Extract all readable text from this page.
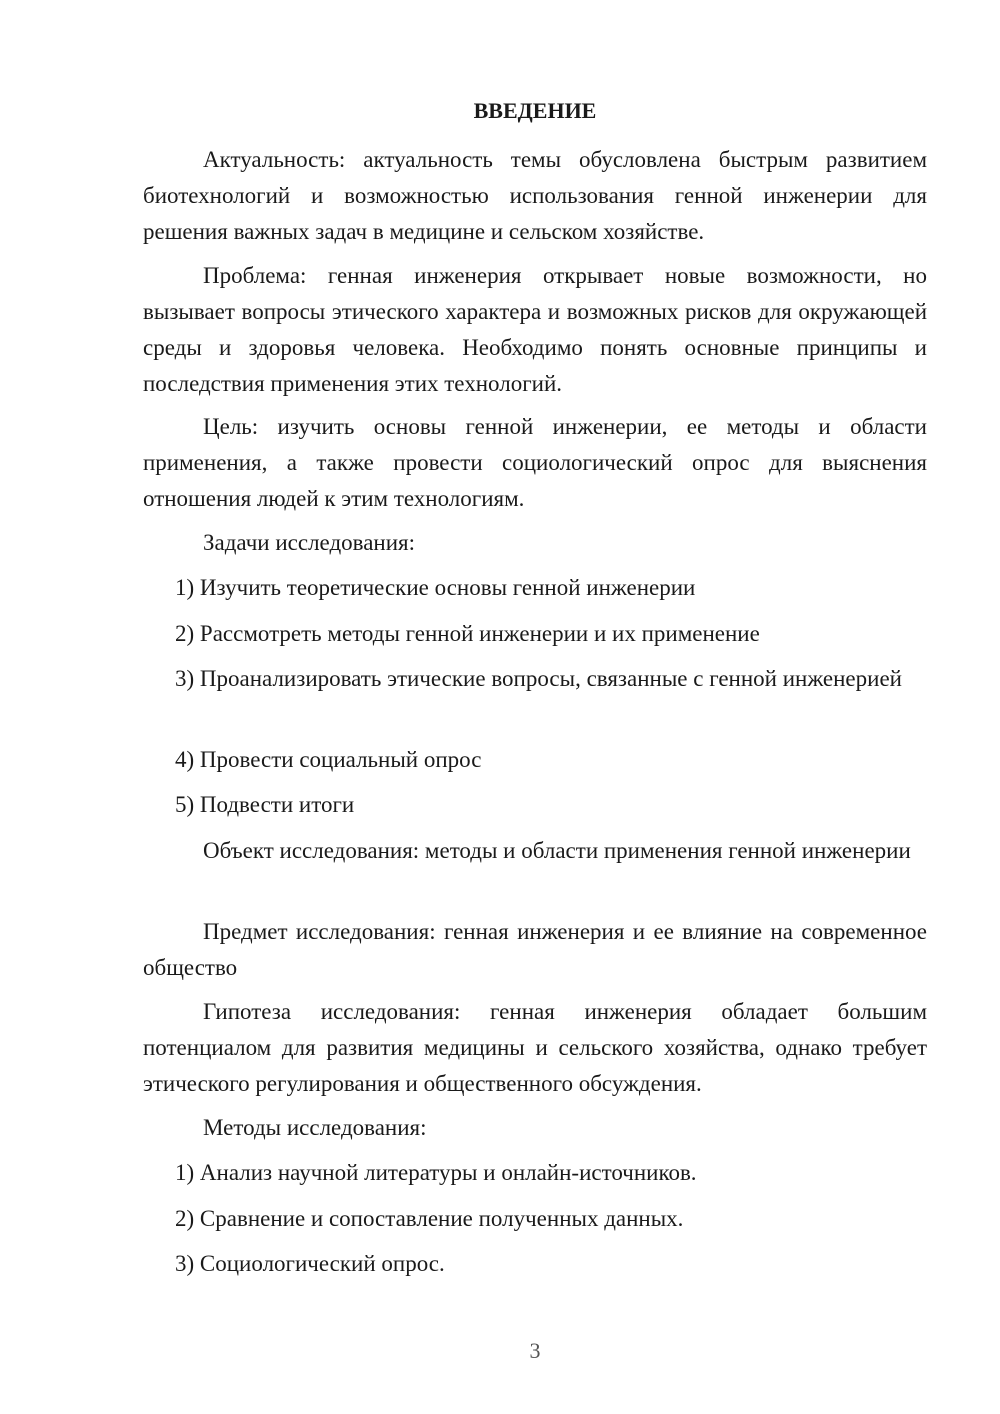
ВВЕДЕНИЕ
Актуальность: актуальность темы обусловлена быстрым развитием биотехнологий и возможностью использования генной инженерии для решения важных задач в медицине и сельском хозяйстве.
Проблема: генная инженерия открывает новые возможности, но вызывает вопросы этического характера и возможных рисков для окружающей среды и здоровья человека. Необходимо понять основные принципы и последствия применения этих технологий.
Цель: изучить основы генной инженерии, ее методы и области применения, а также провести социологический опрос для выяснения отношения людей к этим технологиям.
Задачи исследования:
1) Изучить теоретические основы генной инженерии
2) Рассмотреть методы генной инженерии и их применение
3) Проанализировать этические вопросы, связанные с генной инженерией
4) Провести социальный опрос
5) Подвести итоги
Объект исследования: методы и области применения генной инженерии
Предмет исследования: генная инженерия и ее влияние на современное общество
Гипотеза исследования: генная инженерия обладает большим потенциалом для развития медицины и сельского хозяйства, однако требует этического регулирования и общественного обсуждения.
Методы исследования:
1) Анализ научной литературы и онлайн-источников.
2) Сравнение и сопоставление полученных данных.
3) Социологический опрос.
3
